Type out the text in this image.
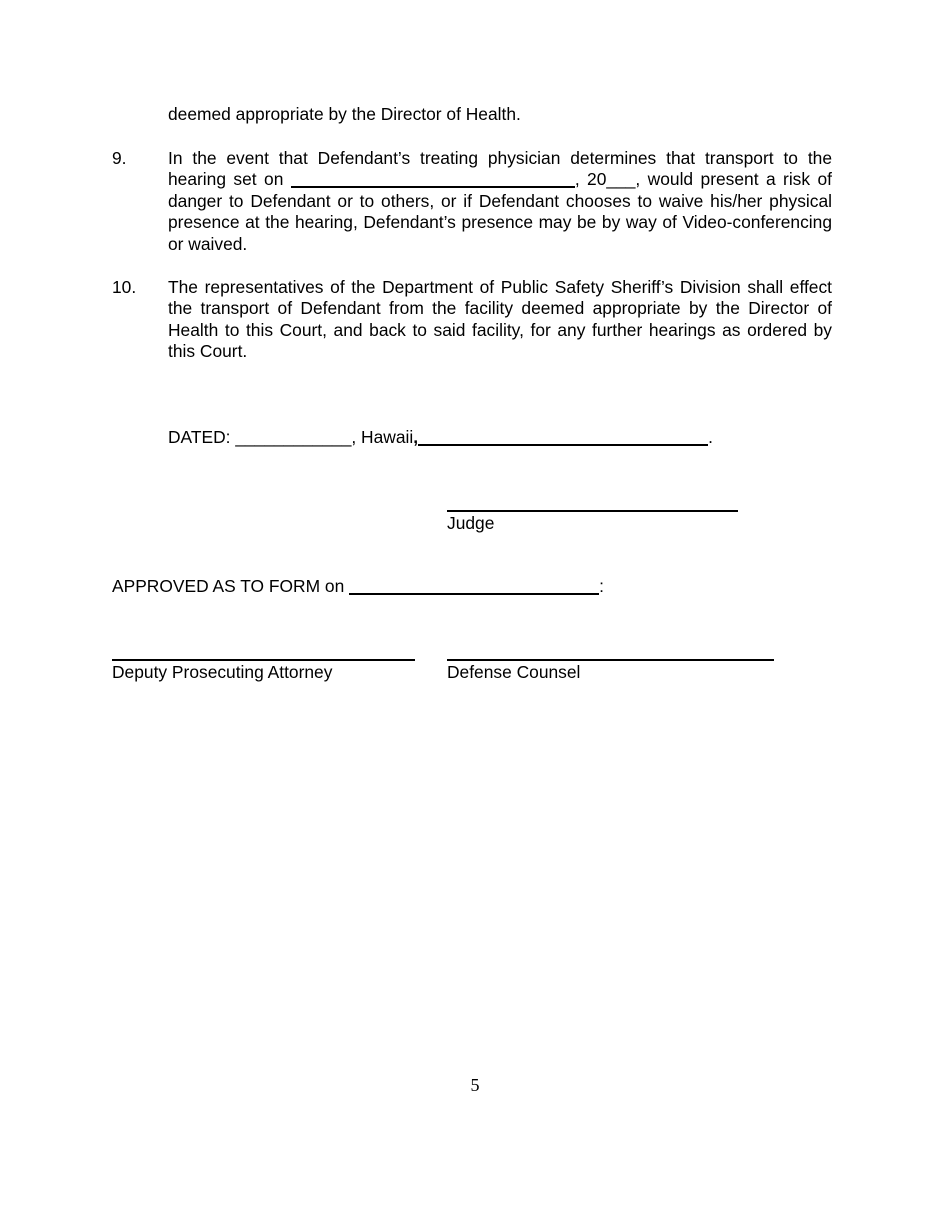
deemed appropriate by the Director of Health.
9. In the event that Defendant’s treating physician determines that transport to the hearing set on	, 20___, would present a risk of danger to Defendant or to others, or if Defendant chooses to waive his/her physical presence at the hearing, Defendant’s presence may be by way of Video-conferencing or waived.
10. The representatives of the Department of Public Safety Sheriff’s Division shall effect the transport of Defendant from the facility deemed appropriate by the Director of Health to this Court, and back to said facility, for any further hearings as ordered by this Court.
DATED: ____________, Hawaii,	.
Judge
APPROVED AS TO FORM on	:
Deputy Prosecuting Attorney	Defense Counsel
5
